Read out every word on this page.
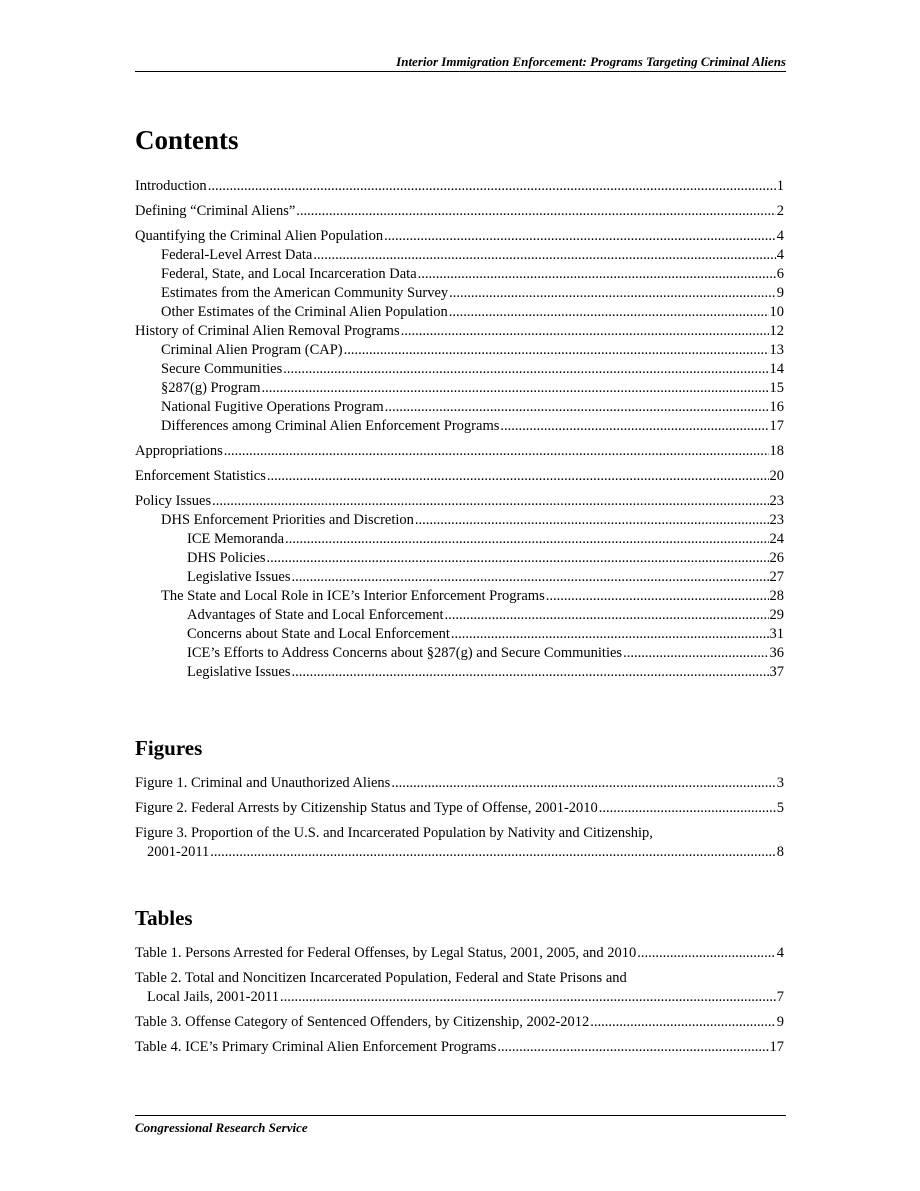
Interior Immigration Enforcement: Programs Targeting Criminal Aliens
Contents
Introduction .....	1
Defining “Criminal Aliens” .....	2
Quantifying the Criminal Alien Population .....	4
Federal-Level Arrest Data .....	4
Federal, State, and Local Incarceration Data .....	6
Estimates from the American Community Survey .....	9
Other Estimates of the Criminal Alien Population .....	10
History of Criminal Alien Removal Programs .....	12
Criminal Alien Program (CAP) .....	13
Secure Communities .....	14
§287(g) Program .....	15
National Fugitive Operations Program .....	16
Differences among Criminal Alien Enforcement Programs .....	17
Appropriations .....	18
Enforcement Statistics .....	20
Policy Issues .....	23
DHS Enforcement Priorities and Discretion .....	23
ICE Memoranda .....	24
DHS Policies .....	26
Legislative Issues .....	27
The State and Local Role in ICE’s Interior Enforcement Programs .....	28
Advantages of State and Local Enforcement .....	29
Concerns about State and Local Enforcement .....	31
ICE’s Efforts to Address Concerns about §287(g) and Secure Communities .....	36
Legislative Issues .....	37
Figures
Figure 1. Criminal and Unauthorized Aliens .....	3
Figure 2. Federal Arrests by Citizenship Status and Type of Offense, 2001-2010 .....	5
Figure 3. Proportion of the U.S. and Incarcerated Population by Nativity and Citizenship,
2001-2011 .....	8
Tables
Table 1. Persons Arrested for Federal Offenses, by Legal Status, 2001, 2005, and 2010 .....	4
Table 2. Total and Noncitizen Incarcerated Population, Federal and State Prisons and
Local Jails, 2001-2011 .....	7
Table 3. Offense Category of Sentenced Offenders, by Citizenship, 2002-2012 .....	9
Table 4. ICE’s Primary Criminal Alien Enforcement Programs .....	17
Congressional Research Service
